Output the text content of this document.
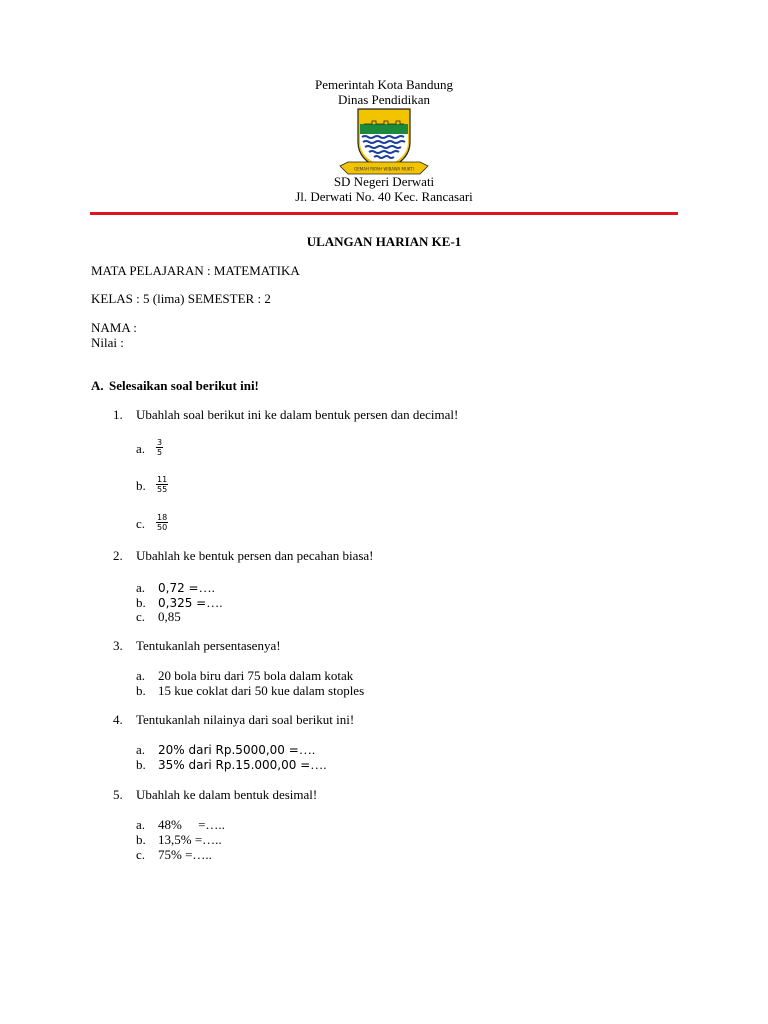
Pemerintah Kota Bandung
Dinas Pendidikan
GEMAH RIPAH WIBAWA MUKTI
SD Negeri Derwati
Jl. Derwati No. 40 Kec. Rancasari
ULANGAN HARIAN KE-1
MATA PELAJARAN : MATEMATIKA
KELAS : 5 (lima) SEMESTER : 2
NAMA :
Nilai :
A. Selesaikan soal berikut ini!
1. Ubahlah soal berikut ini ke dalam bentuk persen dan decimal!
a. $\frac{3}{5}$
b. $\frac{11}{55}$
c. $\frac{18}{50}$
2. Ubahlah ke bentuk persen dan pecahan biasa!
a. 0,72 =….
b. 0,325 =….
c. 0,85
3. Tentukanlah persentasenya!
a. 20 bola biru dari 75 bola dalam kotak
b. 15 kue coklat dari 50 kue dalam stoples
4. Tentukanlah nilainya dari soal berikut ini!
a. 20% dari Rp.5000,00 =….
b. 35% dari Rp.15.000,00 =….
5. Ubahlah ke dalam bentuk desimal!
a. 48%     =…..
b. 13,5% =…..
c. 75% =…..
